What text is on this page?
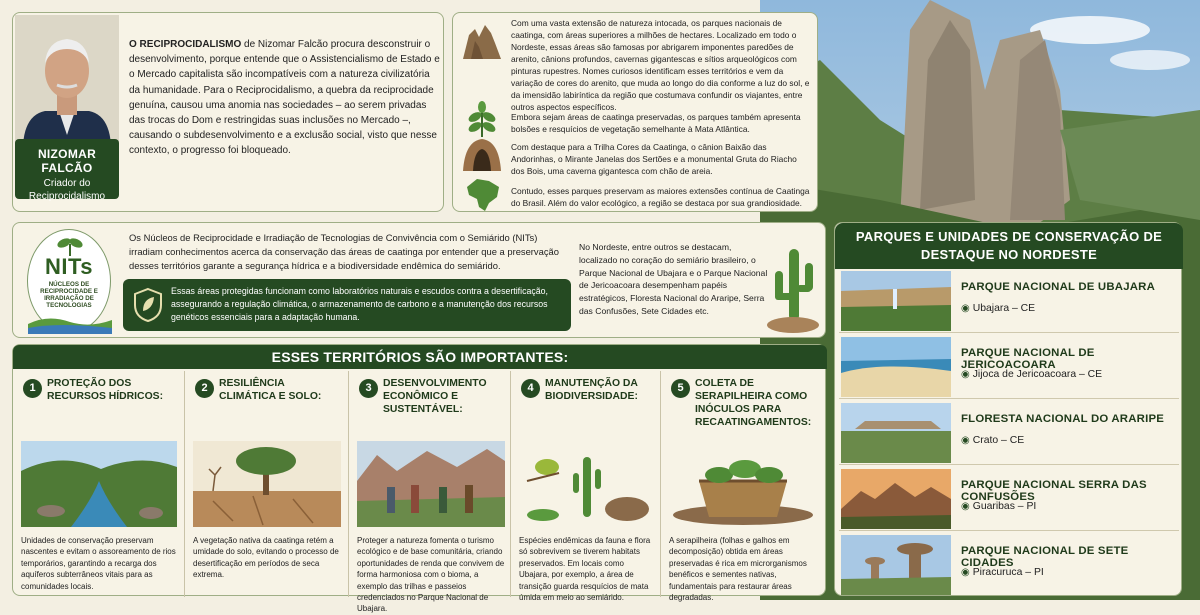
NIZOMAR FALCÃO
Criador do Reciprocidalismo
O RECIPROCIDALISMO de Nizomar Falcão procura desconstruir o desenvolvimento, porque entende que o Assistencialismo de Estado e o Mercado capitalista são incompatíveis com a natureza civilizatória da humanidade. Para o Reciprocidalismo, a quebra da reciprocidade genuína, causou uma anomia nas sociedades – ao serem privadas das trocas do Dom e restringidas suas inclusões no Mercado –, causando o subdesenvolvimento e a exclusão social, visto que nesse contexto, o progresso foi bloqueado.
Com uma vasta extensão de natureza intocada, os parques nacionais de caatinga, com áreas superiores a milhões de hectares. Localizado em todo o Nordeste, essas áreas são famosas por abrigarem imponentes paredões de arenito, cânions profundos, cavernas gigantescas e sítios arqueológicos com pinturas rupestres. Nomes curiosos identificam esses territórios e vem da variação de cores do arenito, que muda ao longo do dia conforme a luz do sol, e da imensidão labiríntica da região que costumava confundir os viajantes, entre outros aspectos específicos.
Embora sejam áreas de caatinga preservadas, os parques também apresenta bolsões e resquícios de vegetação semelhante à Mata Atlântica.
Com destaque para a Trilha Cores da Caatinga, o cânion Baixão das Andorinhas, o Mirante Janelas dos Sertões e a monumental Gruta do Riacho dos Bois, uma caverna gigantesca com chão de areia.
Contudo, esses parques preservam as maiores extensões contínua de Caatinga do Brasil. Além do valor ecológico, a região se destaca por sua grandiosidade.
NITs
NÚCLEOS DE RECIPROCIDADE E IRRADIAÇÃO DE TECNOLOGIAS
Os Núcleos de Reciprocidade e Irradiação de Tecnologias de Convivência com o Semiárido (NITs) irradiam conhecimentos acerca da conservação das áreas de caatinga por entender que a preservação desses territórios garante a segurança hídrica e a biodiversidade endêmica do semiárido.
Essas áreas protegidas funcionam como laboratórios naturais e escudos contra a desertificação, assegurando a regulação climática, o armazenamento de carbono e a manutenção dos recursos genéticos essenciais para a adaptação humana.
No Nordeste, entre outros se destacam, localizado no coração do semiário brasileiro, o Parque Nacional de Ubajara e o Parque Nacional de Jericoacoara desempenham papéis estratégicos, Floresta Nacional do Araripe, Serra das Confusões, Sete Cidades etc.
ESSES TERRITÓRIOS SÃO IMPORTANTES:
1	PROTEÇÃO DOS RECURSOS HÍDRICOS:
Unidades de conservação preservam nascentes e evitam o assoreamento de rios temporários, garantindo a recarga dos aquíferos subterrâneos vitais para as comunidades locais.
2	RESILIÊNCIA CLIMÁTICA E SOLO:
A vegetação nativa da caatinga retém a umidade do solo, evitando o processo de desertificação em períodos de seca extrema.
3	DESENVOLVIMENTO ECONÔMICO E SUSTENTÁVEL:
Proteger a natureza fomenta o turismo ecológico e de base comunitária, criando oportunidades de renda que convivem de forma harmoniosa com o bioma, a exemplo das trilhas e passeios credenciados no Parque Nacional de Ubajara.
4	MANUTENÇÃO DA BIODIVERSIDADE:
Espécies endêmicas da fauna e flora só sobrevivem se tiverem habitats preservados. Em locais como Ubajara, por exemplo, a área de transição guarda resquícios de mata úmida em meio ao semiárido.
5	COLETA DE SERAPILHEIRA COMO INÓCULOS PARA RECAATINGAMENTOS:
A serapilheira (folhas e galhos em decomposição) obtida em áreas preservadas é rica em microrganismos benéficos e sementes nativas, fundamentais para restaurar áreas degradadas.
PARQUES E UNIDADES DE CONSERVAÇÃO DE DESTAQUE NO NORDESTE
PARQUE NACIONAL DE UBAJARA
◉ Ubajara – CE
PARQUE NACIONAL DE JERICOACOARA
◉ Jijoca de Jericoacoara – CE
FLORESTA NACIONAL DO ARARIPE
◉ Crato – CE
PARQUE NACIONAL SERRA DAS CONFUSÕES
◉ Guaribas – PI
PARQUE NACIONAL DE SETE CIDADES
◉ Piracuruca – PI
